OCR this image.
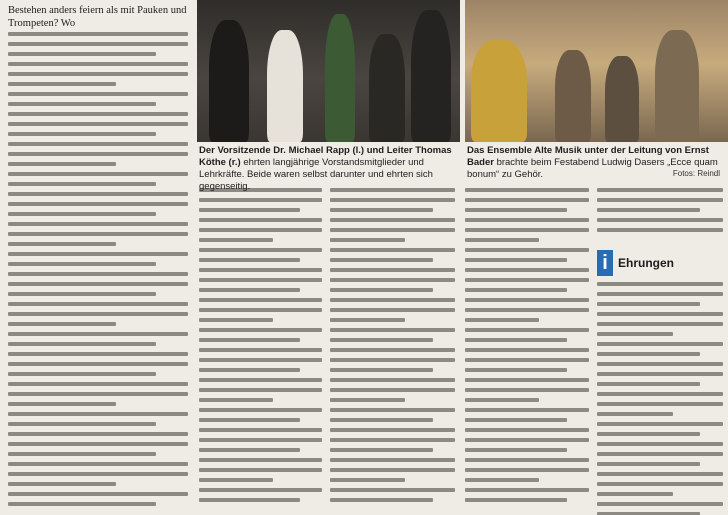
Bestehen anders feiern als mit Pauken und Trompeten? Wo

Der Vorsitzende Dr. Michael Rapp (l.) und Leiter Thomas Köthe (r.) ehrten langjährige Vorstandsmitglieder und Lehrkräfte. Beide waren selbst darunter und ehrten sich gegenseitig.

Das Ensemble Alte Musik unter der Leitung von Ernst Bader brachte beim Festabend Ludwig Dasers „Ecce quam bonum“ zu Gehör.	Fotos: Reindl
i Ehrungen
